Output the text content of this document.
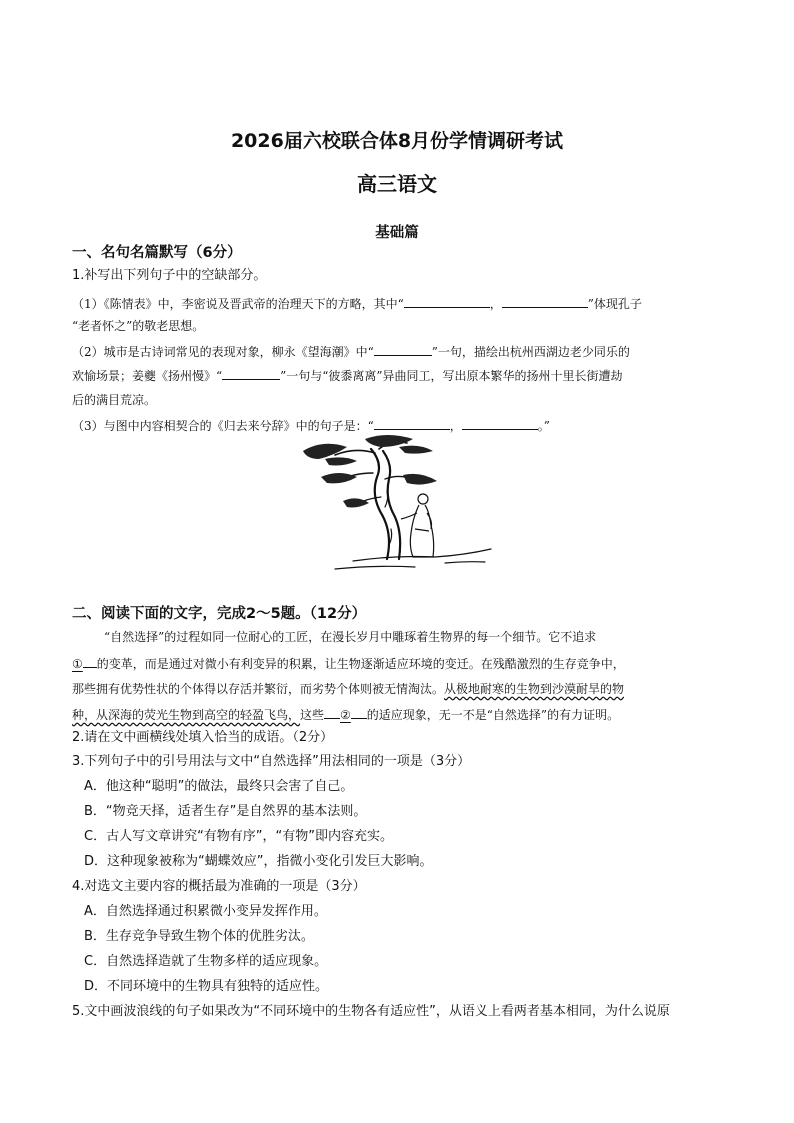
2026届六校联合体8月份学情调研考试
高三语文
基础篇
一、名句名篇默写（6分）
1.补写出下列句子中的空缺部分。
（1）《陈情表》中，李密说及晋武帝的治理天下的方略，其中“	，	”体现孔子
“老者怀之”的敬老思想。
（2）城市是古诗词常见的表现对象，柳永《望海潮》中“	”一句，描绘出杭州西湖边老少同乐的
欢愉场景；姜夔《扬州慢》“	”一句与“彼黍离离”异曲同工，写出原本繁华的扬州十里长街遭劫
后的满目荒凉。
（3）与图中内容相契合的《归去来兮辞》中的句子是：“	，	。”
二、阅读下面的文字，完成2～5题。（12分）
“自然选择”的过程如同一位耐心的工匠，在漫长岁月中雕琢着生物界的每一个细节。它不追求
① 的变革，而是通过对微小有利变异的积累，让生物逐渐适应环境的变迁。在残酷激烈的生存竞争中，
那些拥有优势性状的个体得以存活并繁衍，而劣势个体则被无情淘汰。从极地耐寒的生物到沙漠耐旱的物
种，从深海的荧光生物到高空的轻盈飞鸟，这些 ② 的适应现象，无一不是“自然选择”的有力证明。
2.请在文中画横线处填入恰当的成语。（2分）
3.下列句子中的引号用法与文中“自然选择”用法相同的一项是（3分）
A．他这种“聪明”的做法，最终只会害了自己。
B．“物竞天择，适者生存”是自然界的基本法则。
C．古人写文章讲究“有物有序”，“有物”即内容充实。
D．这种现象被称为“蝴蝶效应”，指微小变化引发巨大影响。
4.对选文主要内容的概括最为准确的一项是（3分）
A．自然选择通过积累微小变异发挥作用。
B．生存竞争导致生物个体的优胜劣汰。
C．自然选择造就了生物多样的适应现象。
D．不同环境中的生物具有独特的适应性。
5.文中画波浪线的句子如果改为“不同环境中的生物各有适应性”，从语义上看两者基本相同，为什么说原
